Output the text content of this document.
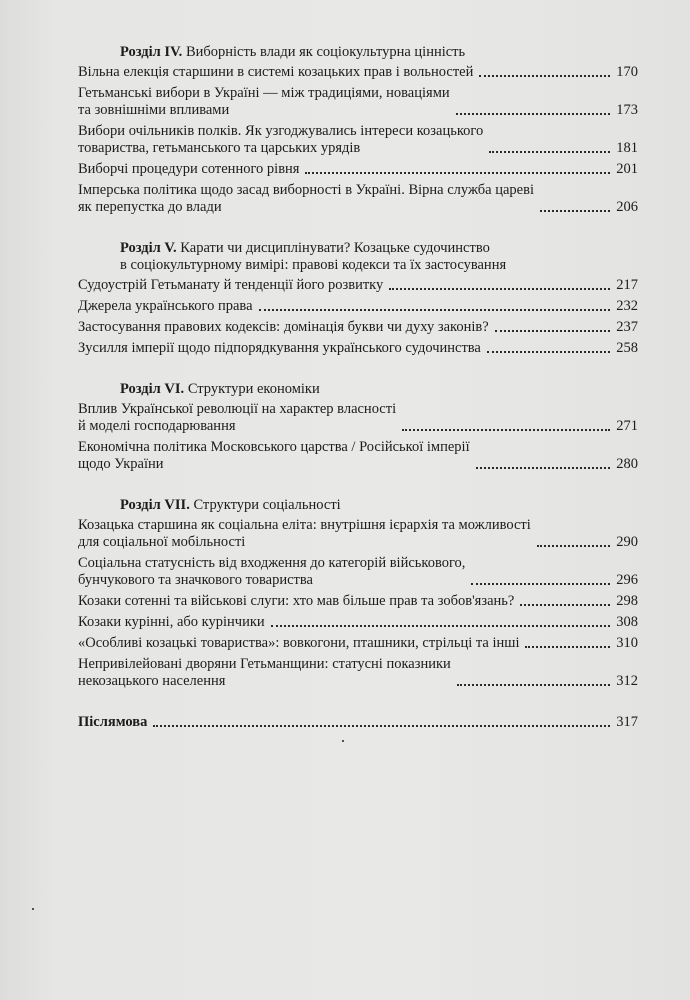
Розділ IV. Виборність влади як соціокультурна цінність
Вільна елекція старшини в системі козацьких прав і вольностей	170
Гетьманські вибори в Україні — між традиціями, новаціями
та зовнішніми впливами	173
Вибори очільників полків. Як узгоджувались інтереси козацького
товариства, гетьманського та царських урядів	181
Виборчі процедури сотенного рівня	201
Імперська політика щодо засад виборності в Україні. Вірна служба цареві
як перепустка до влади	206
Розділ V. Карати чи дисциплінувати? Козацьке судочинство
в соціокультурному вимірі: правові кодекси та їх застосування
Судоустрій Гетьманату й тенденції його розвитку	217
Джерела українського права	232
Застосування правових кодексів: домінація букви чи духу законів?	237
Зусилля імперії щодо підпорядкування українського судочинства	258
Розділ VI. Структури економіки
Вплив Української революції на характер власності
й моделі господарювання	271
Економічна політика Московського царства / Російської імперії
щодо України	280
Розділ VII. Структури соціальності
Козацька старшина як соціальна еліта: внутрішня ієрархія та можливості
для соціальної мобільності	290
Соціальна статусність від входження до категорій військового,
бунчукового та значкового товариства	296
Козаки сотенні та військові слуги: хто мав більше прав та зобов'язань?	298
Козаки курінні, або курінчики	308
«Особливі козацькі товариства»: вовкогони, пташники, стрільці та інші	310
Непривілейовані дворяни Гетьманщини: статусні показники
некозацького населення	312
Післямова	317
